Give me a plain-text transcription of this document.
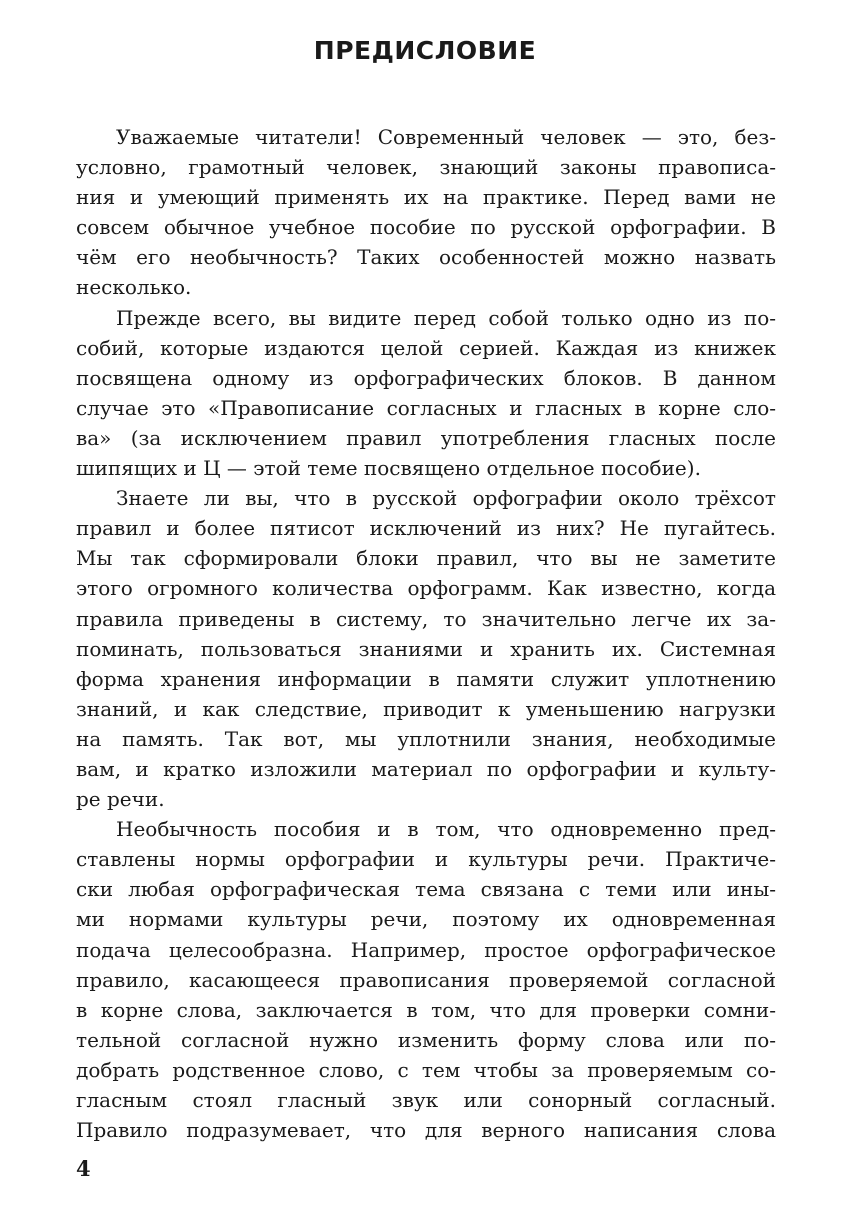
ПРЕДИСЛОВИЕ
Уважаемые читатели! Современный человек — это, без-
условно, грамотный человек, знающий законы правописа-
ния и умеющий применять их на практике. Перед вами не
совсем обычное учебное пособие по русской орфографии. В
чём его необычность? Таких особенностей можно назвать
несколько.
Прежде всего, вы видите перед собой только одно из по-
собий, которые издаются целой серией. Каждая из книжек
посвящена одному из орфографических блоков. В данном
случае это «Правописание согласных и гласных в корне сло-
ва» (за исключением правил употребления гласных после
шипящих и Ц — этой теме посвящено отдельное пособие).
Знаете ли вы, что в русской орфографии около трёхсот
правил и более пятисот исключений из них? Не пугайтесь.
Мы так сформировали блоки правил, что вы не заметите
этого огромного количества орфограмм. Как известно, когда
правила приведены в систему, то значительно легче их за-
поминать, пользоваться знаниями и хранить их. Системная
форма хранения информации в памяти служит уплотнению
знаний, и как следствие, приводит к уменьшению нагрузки
на память. Так вот, мы уплотнили знания, необходимые
вам, и кратко изложили материал по орфографии и культу-
ре речи.
Необычность пособия и в том, что одновременно пред-
ставлены нормы орфографии и культуры речи. Практиче-
ски любая орфографическая тема связана с теми или ины-
ми нормами культуры речи, поэтому их одновременная
подача целесообразна. Например, простое орфографическое
правило, касающееся правописания проверяемой согласной
в корне слова, заключается в том, что для проверки сомни-
тельной согласной нужно изменить форму слова или по-
добрать родственное слово, с тем чтобы за проверяемым со-
гласным стоял гласный звук или сонорный согласный.
Правило подразумевает, что для верного написания слова
4
